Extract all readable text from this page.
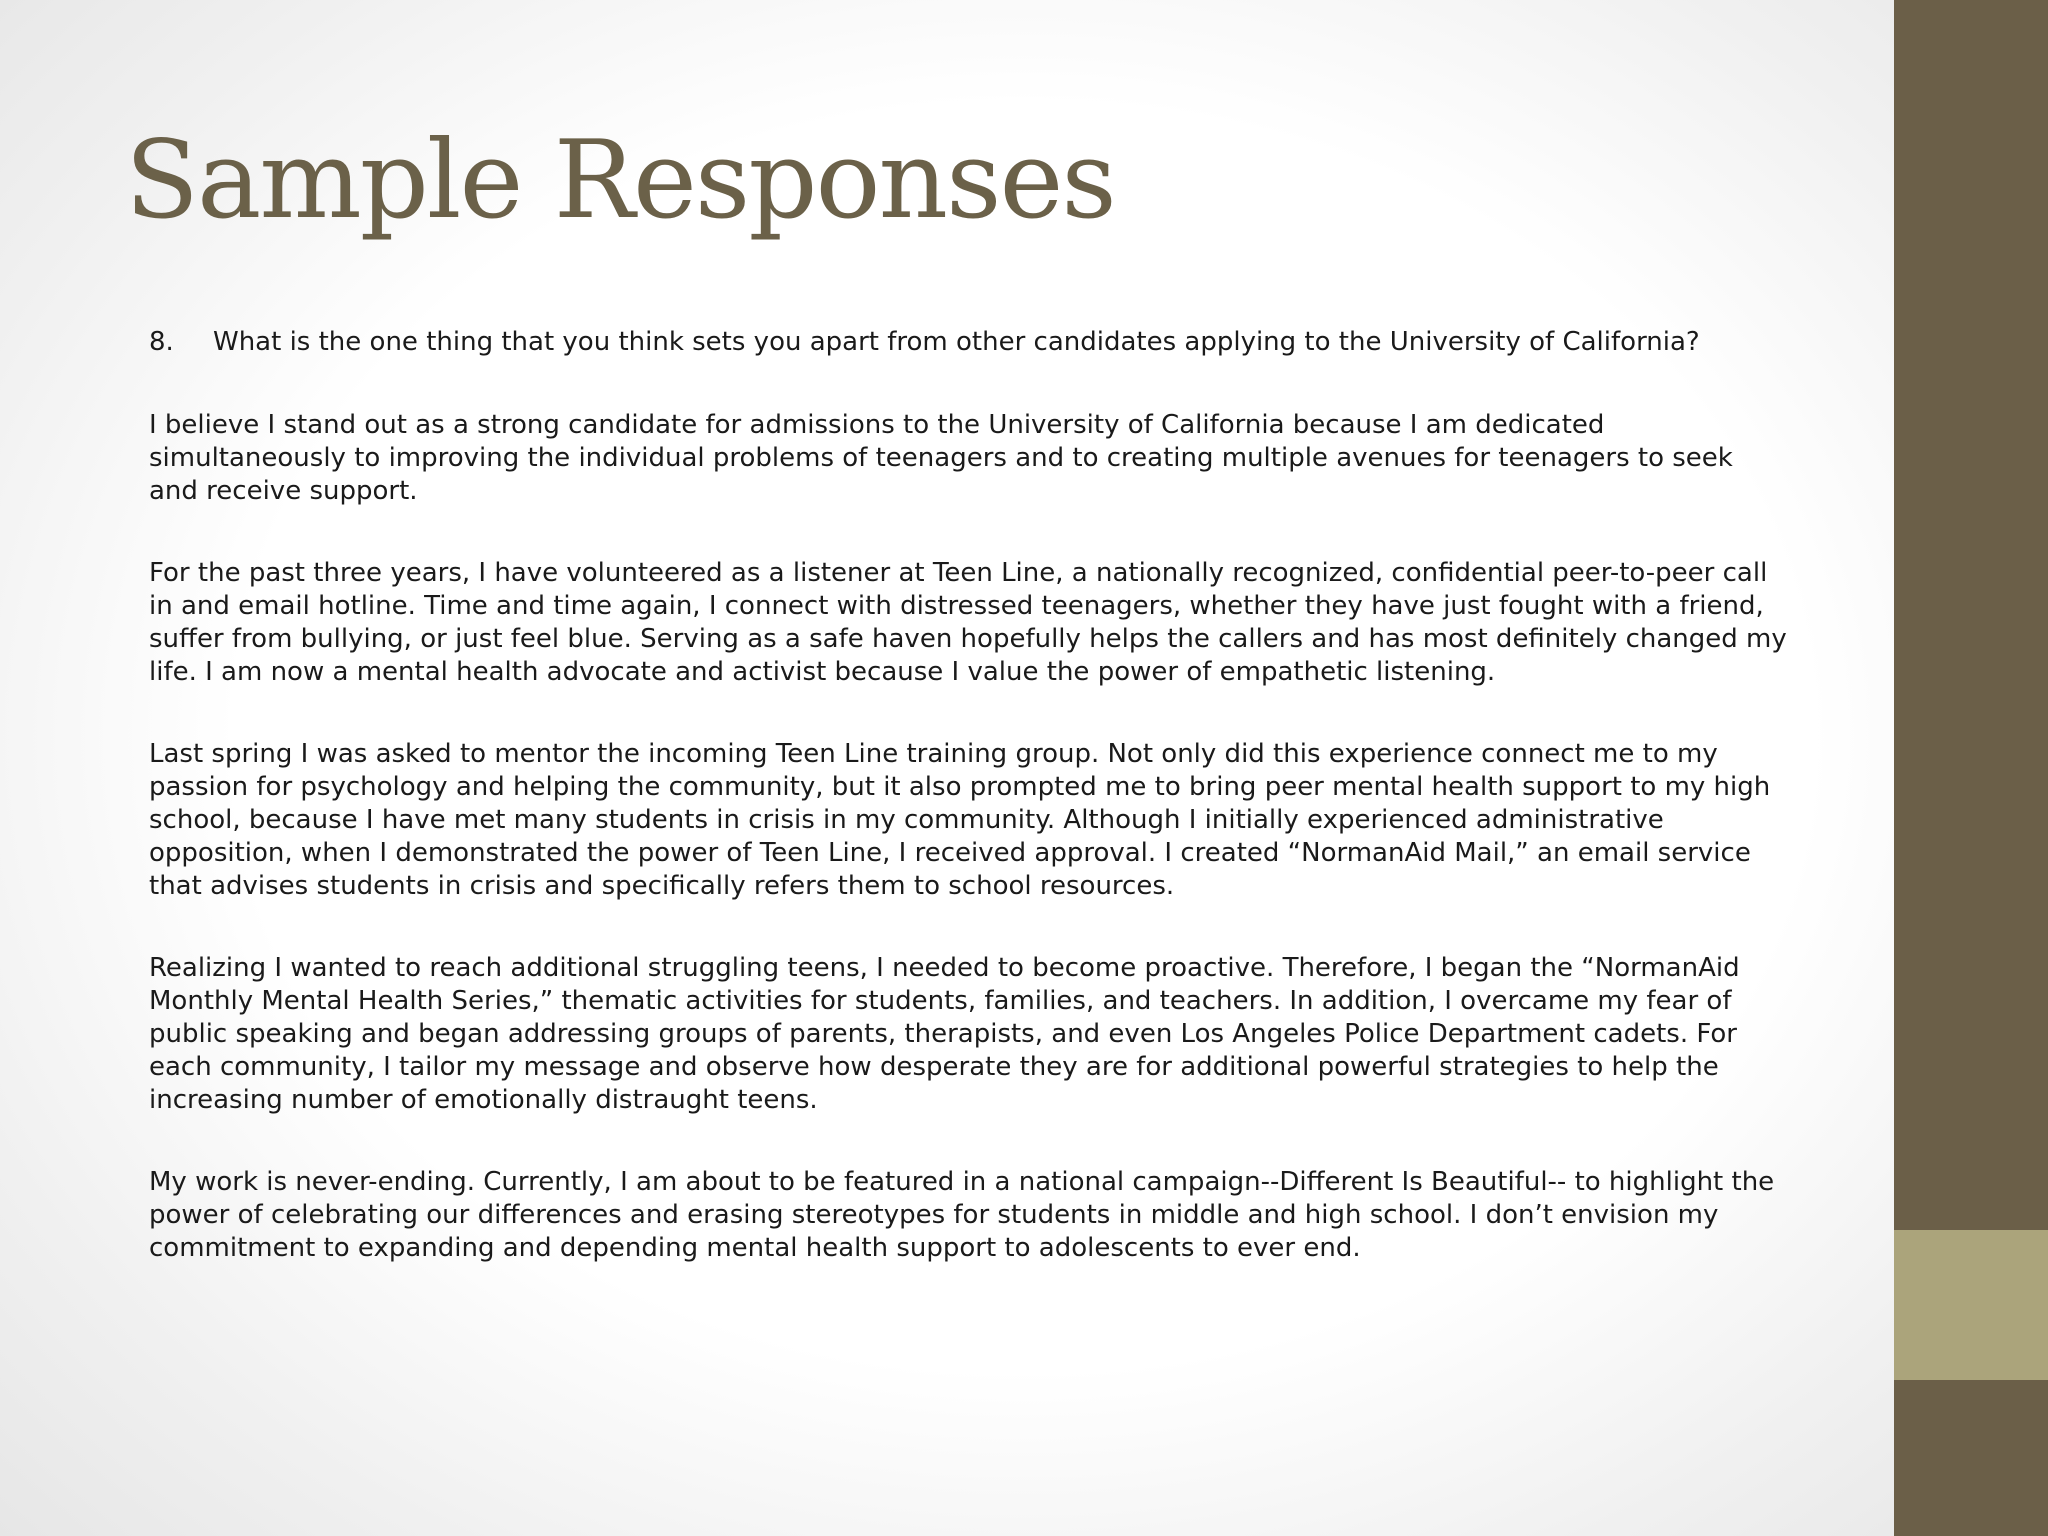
Sample Responses
8.	What is the one thing that you think sets you apart from other candidates applying to the University of California?

I believe I stand out as a strong candidate for admissions to the University of California because I am dedicated simultaneously to improving the individual problems of teenagers and to creating multiple avenues for teenagers to seek and receive support.

For the past three years, I have volunteered as a listener at Teen Line, a nationally recognized, confidential peer-to-peer call in and email hotline. Time and time again, I connect with distressed teenagers, whether they have just fought with a friend, suffer from bullying, or just feel blue. Serving as a safe haven hopefully helps the callers and has most definitely changed my life. I am now a mental health advocate and activist because I value the power of empathetic listening.

Last spring I was asked to mentor the incoming Teen Line training group. Not only did this experience connect me to my passion for psychology and helping the community, but it also prompted me to bring peer mental health support to my high school, because I have met many students in crisis in my community. Although I initially experienced administrative opposition, when I demonstrated the power of Teen Line, I received approval. I created “NormanAid Mail,” an email service that advises students in crisis and specifically refers them to school resources.

Realizing I wanted to reach additional struggling teens, I needed to become proactive. Therefore, I began the “NormanAid Monthly Mental Health Series,” thematic activities for students, families, and teachers. In addition, I overcame my fear of public speaking and began addressing groups of parents, therapists, and even Los Angeles Police Department cadets. For each community, I tailor my message and observe how desperate they are for additional powerful strategies to help the increasing number of emotionally distraught teens.

My work is never-ending. Currently, I am about to be featured in a national campaign--Different Is Beautiful-- to highlight the power of celebrating our differences and erasing stereotypes for students in middle and high school. I don’t envision my commitment to expanding and depending mental health support to adolescents to ever end.
